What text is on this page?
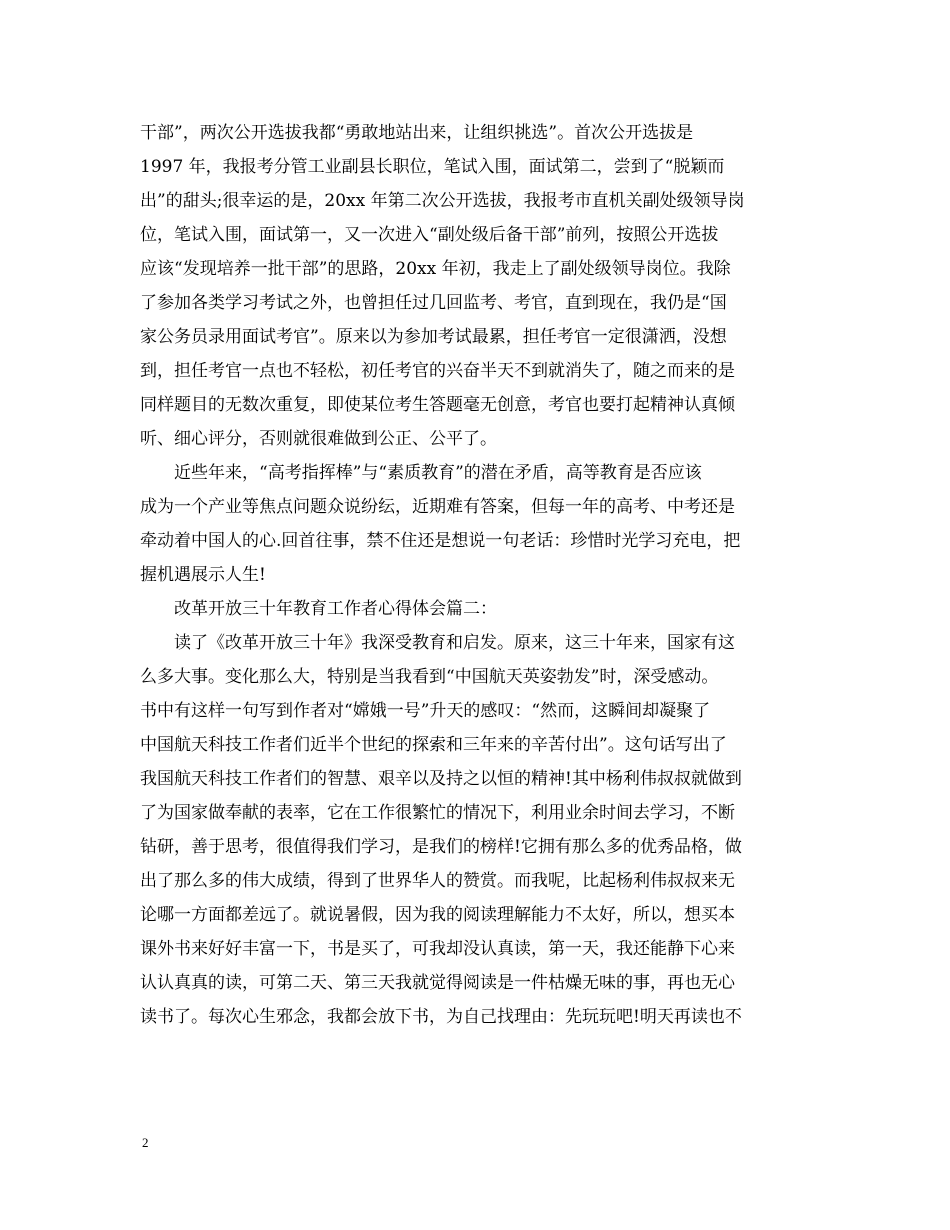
干部”，两次公开选拔我都“勇敢地站出来，让组织挑选”。首次公开选拔是
1997 年，我报考分管工业副县长职位，笔试入围，面试第二，尝到了“脱颖而
出”的甜头;很幸运的是，20xx 年第二次公开选拔，我报考市直机关副处级领导岗
位，笔试入围，面试第一，又一次进入“副处级后备干部”前列，按照公开选拔
应该“发现培养一批干部”的思路，20xx 年初，我走上了副处级领导岗位。我除
了参加各类学习考试之外，也曾担任过几回监考、考官，直到现在，我仍是“国
家公务员录用面试考官”。原来以为参加考试最累，担任考官一定很潇洒，没想
到，担任考官一点也不轻松，初任考官的兴奋半天不到就消失了，随之而来的是
同样题目的无数次重复，即使某位考生答题毫无创意，考官也要打起精神认真倾
听、细心评分，否则就很难做到公正、公平了。
　　近些年来，“高考指挥棒”与“素质教育”的潜在矛盾，高等教育是否应该
成为一个产业等焦点问题众说纷纭，近期难有答案，但每一年的高考、中考还是
牵动着中国人的心.回首往事，禁不住还是想说一句老话：珍惜时光学习充电，把
握机遇展示人生!
　　改革开放三十年教育工作者心得体会篇二：
　　读了《改革开放三十年》我深受教育和启发。原来，这三十年来，国家有这
么多大事。变化那么大，特别是当我看到“中国航天英姿勃发”时，深受感动。
书中有这样一句写到作者对“嫦娥一号”升天的感叹：“然而，这瞬间却凝聚了
中国航天科技工作者们近半个世纪的探索和三年来的辛苦付出”。这句话写出了
我国航天科技工作者们的智慧、艰辛以及持之以恒的精神!其中杨利伟叔叔就做到
了为国家做奉献的表率，它在工作很繁忙的情况下，利用业余时间去学习，不断
钻研，善于思考，很值得我们学习，是我们的榜样!它拥有那么多的优秀品格，做
出了那么多的伟大成绩，得到了世界华人的赞赏。而我呢，比起杨利伟叔叔来无
论哪一方面都差远了。就说暑假，因为我的阅读理解能力不太好，所以，想买本
课外书来好好丰富一下，书是买了，可我却没认真读，第一天，我还能静下心来
认认真真的读，可第二天、第三天我就觉得阅读是一件枯燥无味的事，再也无心
读书了。每次心生邪念，我都会放下书，为自己找理由：先玩玩吧!明天再读也不
2
